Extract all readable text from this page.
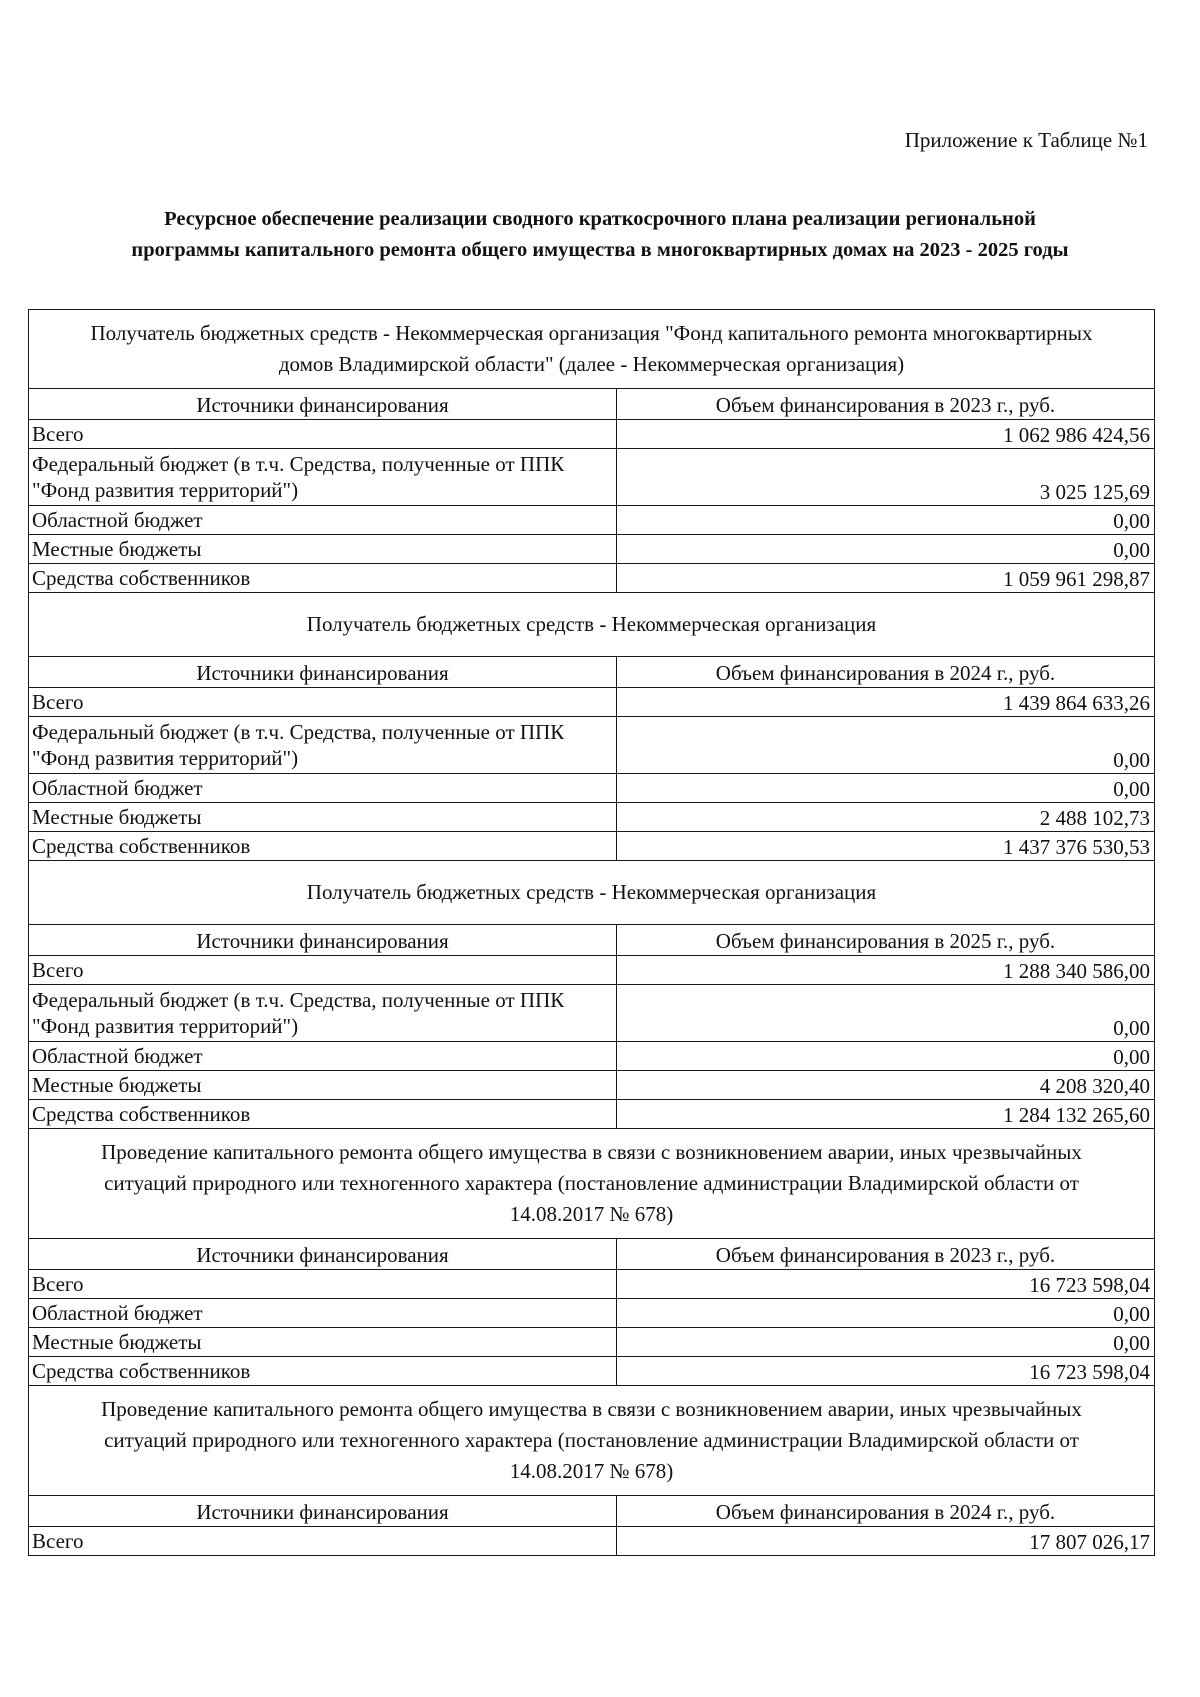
Приложение к Таблице №1
Ресурсное обеспечение реализации сводного краткосрочного плана реализации региональной
программы капитального ремонта общего имущества в многоквартирных домах на 2023 - 2025 годы
Получатель бюджетных средств - Некоммерческая организация "Фонд капитального ремонта многоквартирных домов Владимирской области" (далее - Некоммерческая организация)	
Источники финансирования	Объем финансирования в 2023 г., руб.
Всего	1 062 986 424,56
Федеральный бюджет (в т.ч. Средства, полученные от ППК "Фонд развития территорий")	3 025 125,69
Областной бюджет	0,00
Местные бюджеты	0,00
Средства собственников	1 059 961 298,87
Получатель бюджетных средств - Некоммерческая организация	
Источники финансирования	Объем финансирования в 2024 г., руб.
Всего	1 439 864 633,26
Федеральный бюджет (в т.ч. Средства, полученные от ППК "Фонд развития территорий")	0,00
Областной бюджет	0,00
Местные бюджеты	2 488 102,73
Средства собственников	1 437 376 530,53
Получатель бюджетных средств - Некоммерческая организация	
Источники финансирования	Объем финансирования в 2025 г., руб.
Всего	1 288 340 586,00
Федеральный бюджет (в т.ч. Средства, полученные от ППК "Фонд развития территорий")	0,00
Областной бюджет	0,00
Местные бюджеты	4 208 320,40
Средства собственников	1 284 132 265,60
Проведение капитального ремонта общего имущества в связи с возникновением аварии, иных чрезвычайных ситуаций природного или техногенного характера (постановление администрации Владимирской области от 14.08.2017 № 678)	
Источники финансирования	Объем финансирования в 2023 г., руб.
Всего	16 723 598,04
Областной бюджет	0,00
Местные бюджеты	0,00
Средства собственников	16 723 598,04
Проведение капитального ремонта общего имущества в связи с возникновением аварии, иных чрезвычайных ситуаций природного или техногенного характера (постановление администрации Владимирской области от 14.08.2017 № 678)	
Источники финансирования	Объем финансирования в 2024 г., руб.
Всего	17 807 026,17
